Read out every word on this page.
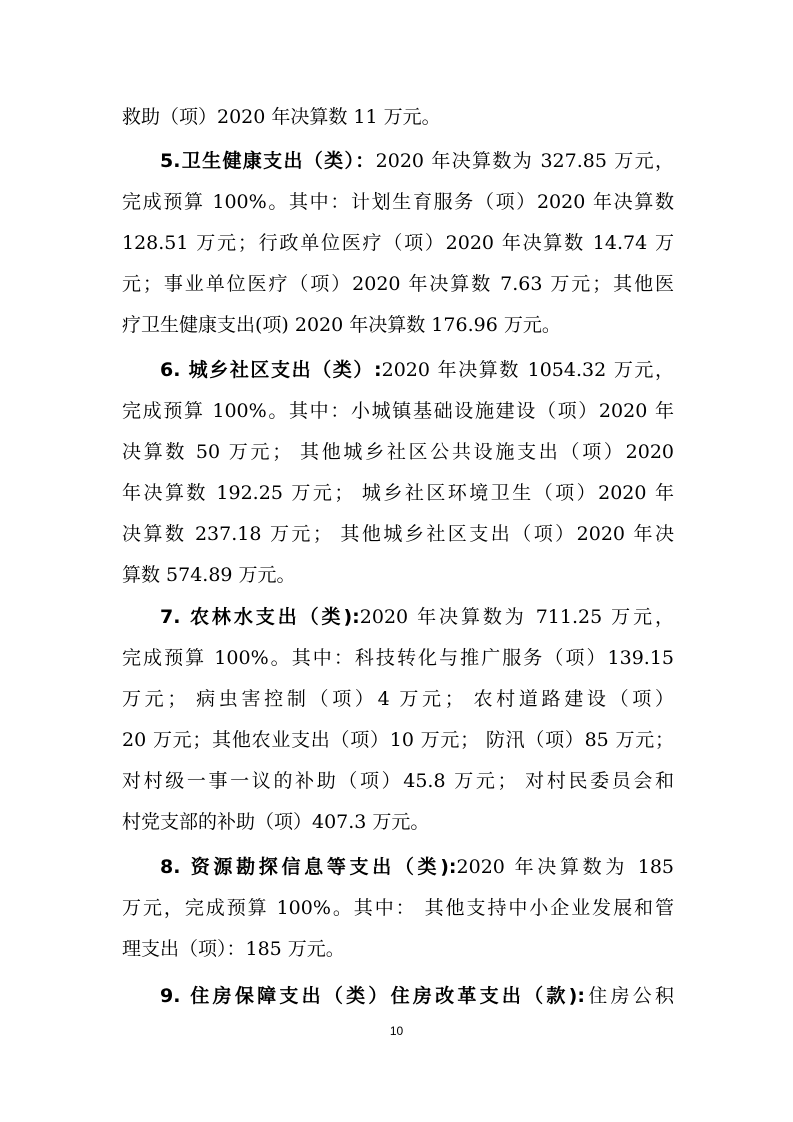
救助（项）2020 年决算数 11 万元。
5.卫生健康支出（类）：2020 年决算数为 327.85 万元，
完成预算 100%。其中：计划生育服务（项）2020 年决算数
128.51 万元；行政单位医疗（项）2020 年决算数 14.74 万
元；事业单位医疗（项）2020 年决算数 7.63 万元；其他医
疗卫生健康支出(项) 2020 年决算数 176.96 万元。
6. 城乡社区支出（类）:2020 年决算数 1054.32 万元，
完成预算 100%。其中：小城镇基础设施建设（项）2020 年
决算数 50 万元； 其他城乡社区公共设施支出（项）2020
年决算数 192.25 万元； 城乡社区环境卫生（项）2020 年
决算数 237.18 万元； 其他城乡社区支出（项）2020 年决
算数 574.89 万元。
7. 农林水支出（类):2020 年决算数为 711.25 万元，
完成预算 100%。其中：科技转化与推广服务（项）139.15
万元； 病虫害控制（项）4 万元； 农村道路建设（项）
20 万元；其他农业支出（项）10 万元； 防汛（项）85 万元；
对村级一事一议的补助（项）45.8 万元； 对村民委员会和
村党支部的补助（项）407.3 万元。
8. 资源勘探信息等支出（类):2020 年决算数为 185
万元，完成预算 100%。其中： 其他支持中小企业发展和管
理支出（项）：185 万元。
9. 住房保障支出（类）住房改革支出（款):住房公积
10
